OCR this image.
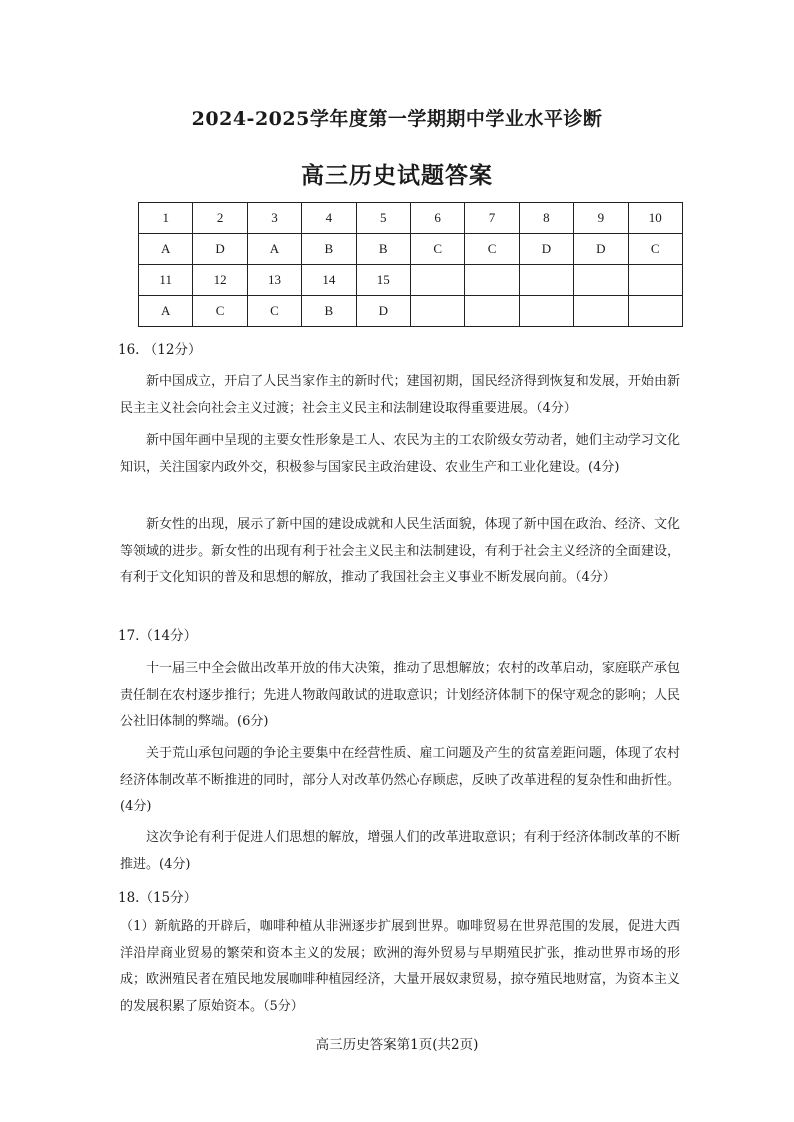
2024-2025学年度第一学期期中学业水平诊断
高三历史试题答案
1	2	3	4	5	6	7	8	9	10
A	D	A	B	B	C	C	D	D	C
11	12	13	14	15					
A	C	C	B	D					
16. （12分）
新中国成立，开启了人民当家作主的新时代；建国初期，国民经济得到恢复和发展，开始由新民主主义社会向社会主义过渡；社会主义民主和法制建设取得重要进展。（4分）
新中国年画中呈现的主要女性形象是工人、农民为主的工农阶级女劳动者，她们主动学习文化知识，关注国家内政外交，积极参与国家民主政治建设、农业生产和工业化建设。(4分)
新女性的出现，展示了新中国的建设成就和人民生活面貌，体现了新中国在政治、经济、文化等领域的进步。新女性的出现有利于社会主义民主和法制建设，有利于社会主义经济的全面建设，有利于文化知识的普及和思想的解放，推动了我国社会主义事业不断发展向前。（4分）
17.（14分）
十一届三中全会做出改革开放的伟大决策，推动了思想解放；农村的改革启动，家庭联产承包责任制在农村逐步推行；先进人物敢闯敢试的进取意识；计划经济体制下的保守观念的影响；人民公社旧体制的弊端。(6分)
关于荒山承包问题的争论主要集中在经营性质、雇工问题及产生的贫富差距问题，体现了农村经济体制改革不断推进的同时，部分人对改革仍然心存顾虑，反映了改革进程的复杂性和曲折性。(4分)
这次争论有利于促进人们思想的解放，增强人们的改革进取意识；有利于经济体制改革的不断推进。(4分)
18.（15分）
（1）新航路的开辟后，咖啡种植从非洲逐步扩展到世界。咖啡贸易在世界范围的发展，促进大西洋沿岸商业贸易的繁荣和资本主义的发展；欧洲的海外贸易与早期殖民扩张，推动世界市场的形成；欧洲殖民者在殖民地发展咖啡种植园经济，大量开展奴隶贸易，掠夺殖民地财富，为资本主义的发展积累了原始资本。（5分）
高三历史答案第1页(共2页)
